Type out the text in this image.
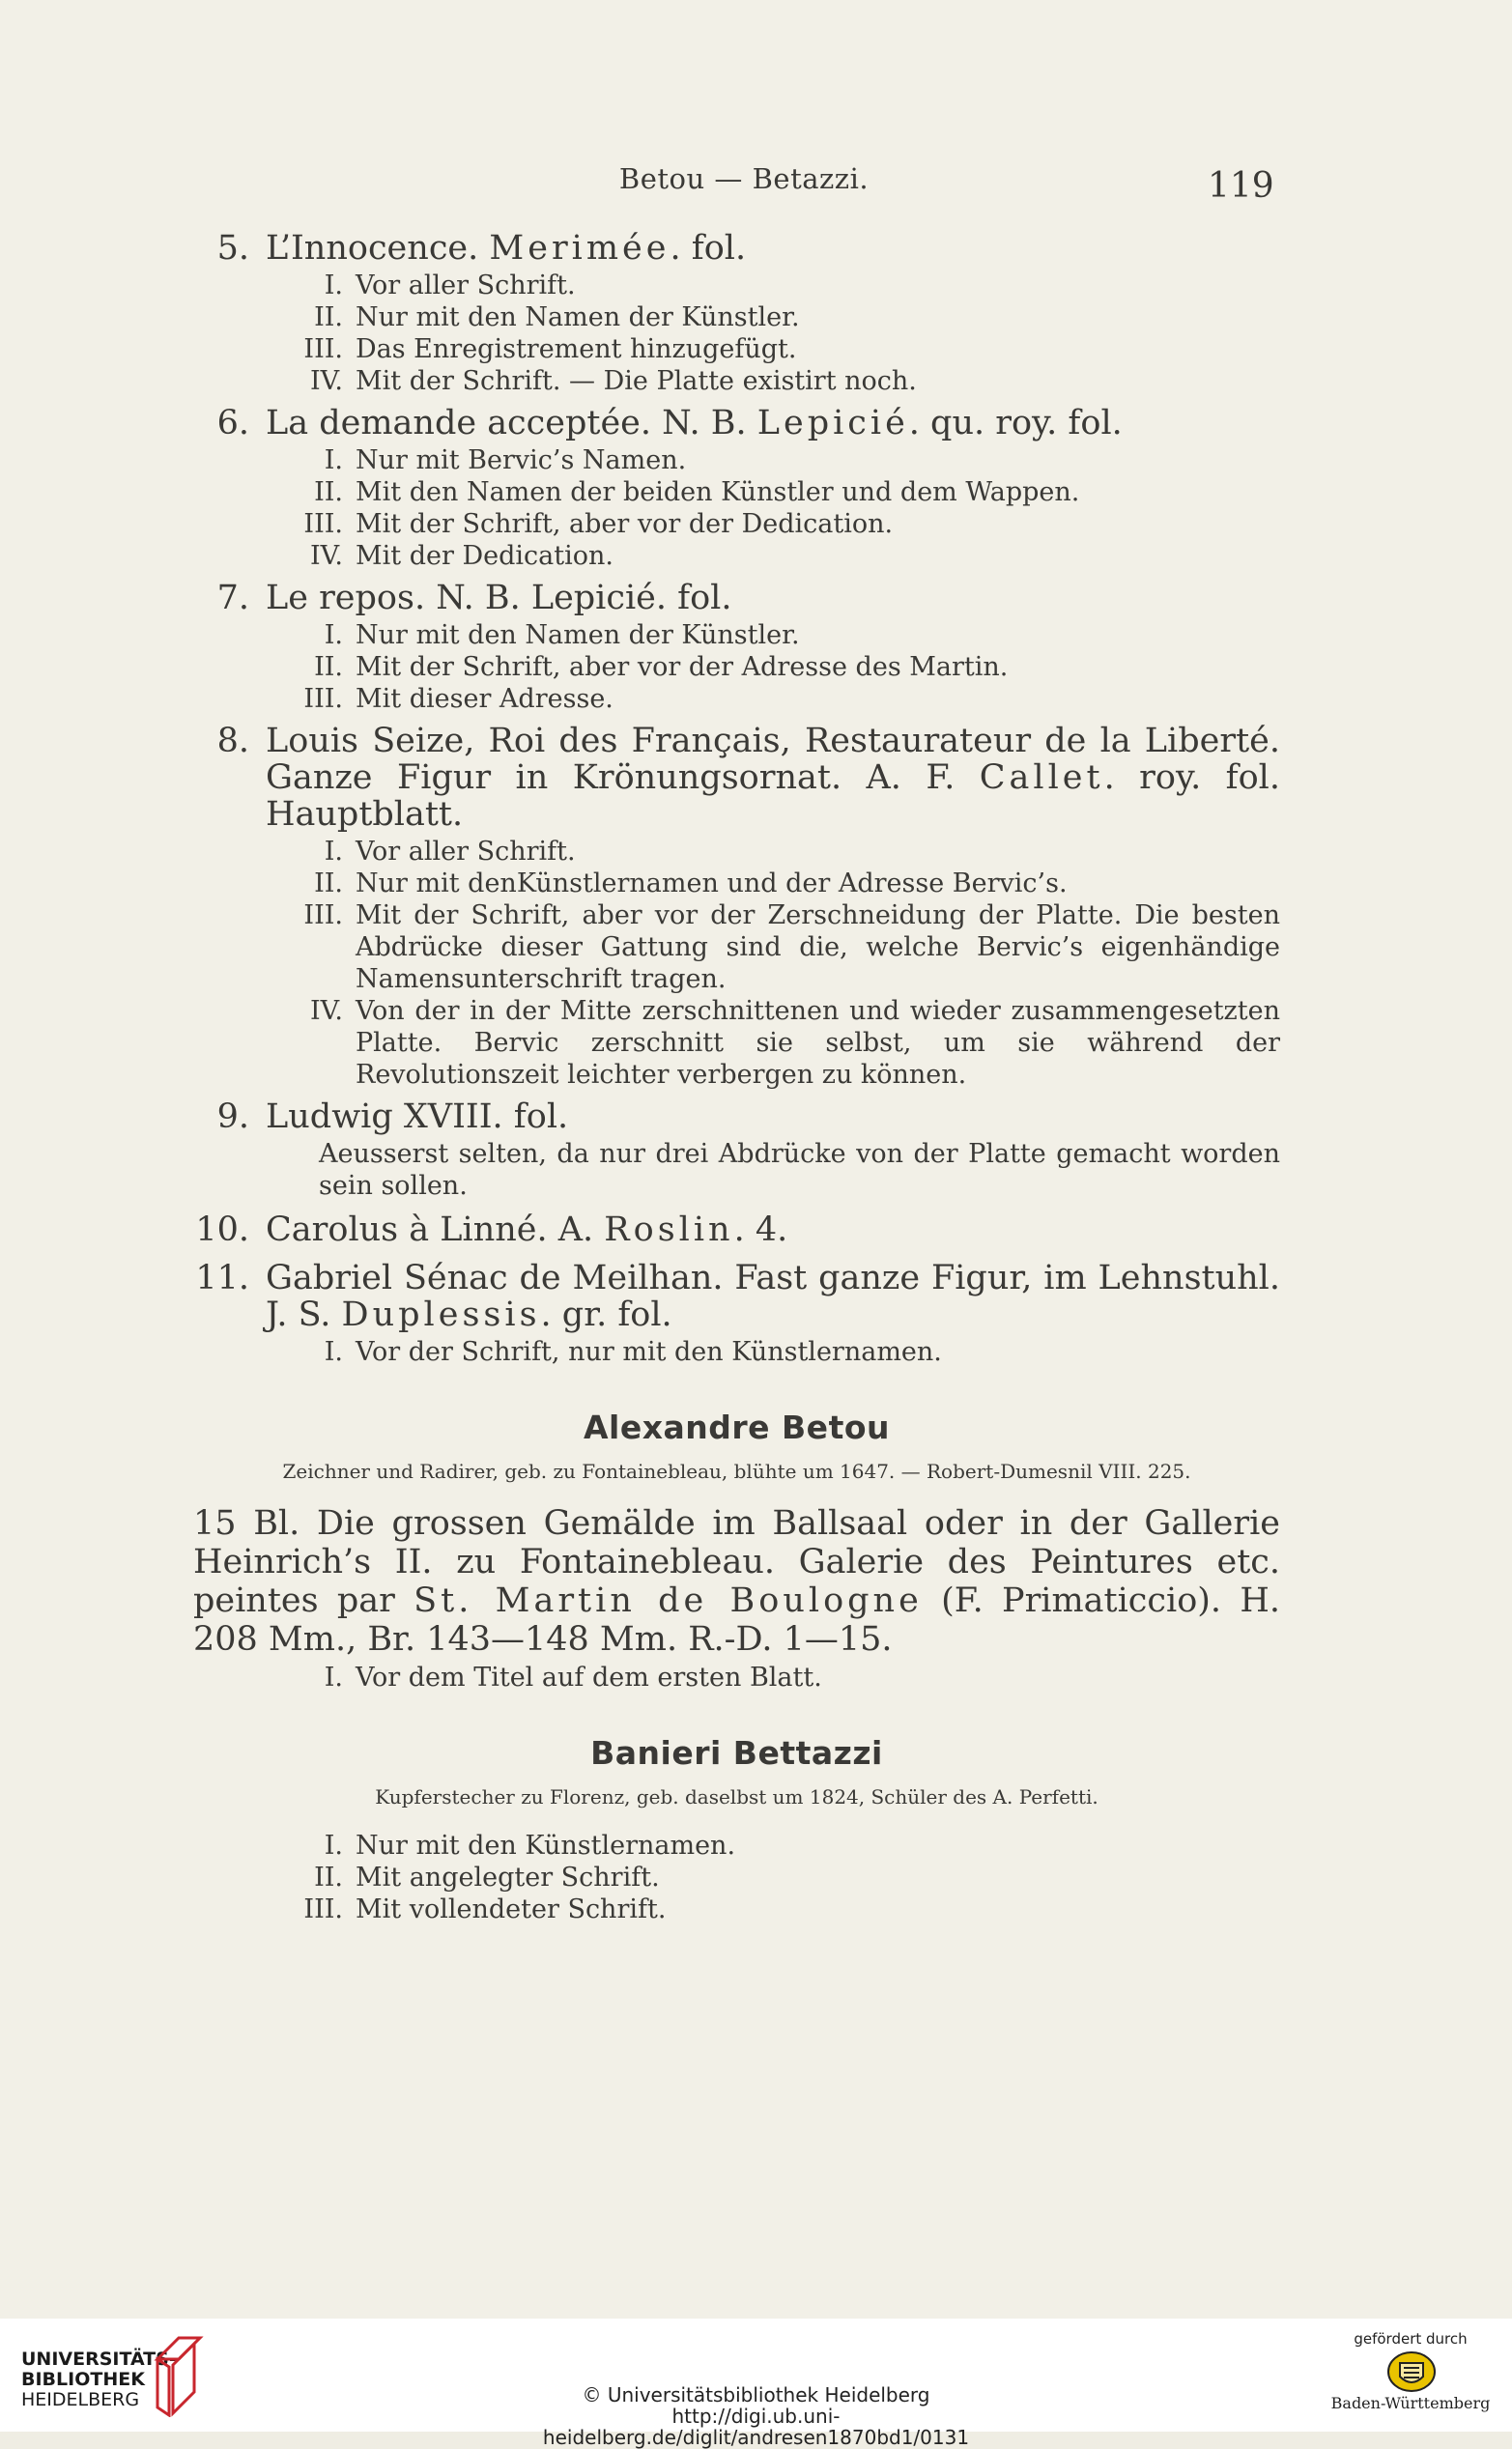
Betou — Betazzi.	119
5. L’Innocence. Merimée. fol.
I. Vor aller Schrift.
II. Nur mit den Namen der Künstler.
III. Das Enregistrement hinzugefügt.
IV. Mit der Schrift. — Die Platte existirt noch.
6. La demande acceptée. N. B. Lepicié. qu. roy. fol.
I. Nur mit Bervic’s Namen.
II. Mit den Namen der beiden Künstler und dem Wappen.
III. Mit der Schrift, aber vor der Dedication.
IV. Mit der Dedication.
7. Le repos. N. B. Lepicié. fol.
I. Nur mit den Namen der Künstler.
II. Mit der Schrift, aber vor der Adresse des Martin.
III. Mit dieser Adresse.
8. Louis Seize, Roi des Français, Restaurateur de la Liberté. Ganze Figur in Krönungsornat. A. F. Callet. roy. fol. Hauptblatt.
I. Vor aller Schrift.
II. Nur mit denKünstlernamen und der Adresse Bervic’s.
III. Mit der Schrift, aber vor der Zerschneidung der Platte. Die besten Abdrücke dieser Gattung sind die, welche Bervic’s eigenhändige Namensunterschrift tragen.
IV. Von der in der Mitte zerschnittenen und wieder zusammengesetzten Platte. Bervic zerschnitt sie selbst, um sie während der Revolutionszeit leichter verbergen zu können.
9. Ludwig XVIII. fol.
Aeusserst selten, da nur drei Abdrücke von der Platte gemacht worden sein sollen.
10. Carolus à Linné. A. Roslin. 4.
11. Gabriel Sénac de Meilhan. Fast ganze Figur, im Lehnstuhl. J. S. Duplessis. gr. fol.
I. Vor der Schrift, nur mit den Künstlernamen.
Alexandre Betou
Zeichner und Radirer, geb. zu Fontainebleau, blühte um 1647. — Robert-Dumesnil VIII. 225.
15 Bl. Die grossen Gemälde im Ballsaal oder in der Gallerie Heinrich’s II. zu Fontainebleau. Galerie des Peintures etc. peintes par St. Martin de Boulogne (F. Primaticcio). H. 208 Mm., Br. 143—148 Mm. R.-D. 1—15.
I. Vor dem Titel auf dem ersten Blatt.
Banieri Bettazzi
Kupferstecher zu Florenz, geb. daselbst um 1824, Schüler des A. Perfetti.
I. Nur mit den Künstlernamen.
II. Mit angelegter Schrift.
III. Mit vollendeter Schrift.
UNIVERSITÄTS-
BIBLIOTHEK
HEIDELBERG	© Universitätsbibliothek Heidelberg
http://digi.ub.uni-heidelberg.de/diglit/andresen1870bd1/0131
gefördert durch
Baden-Württemberg
